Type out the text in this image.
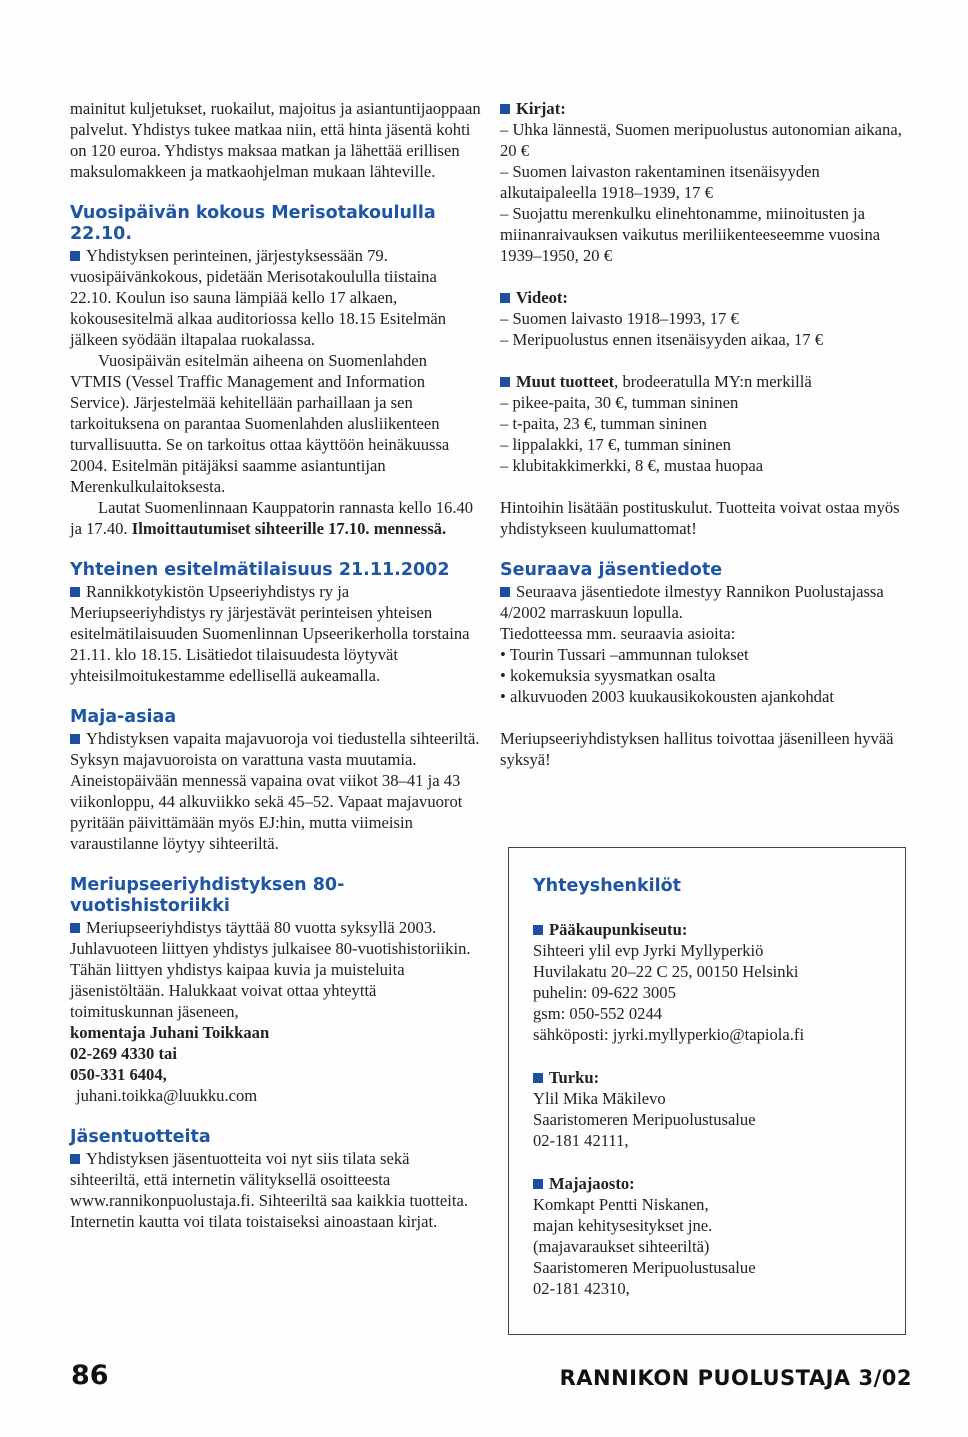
mainitut kuljetukset, ruokailut, majoitus ja asiantuntijaoppaan palvelut. Yhdistys tukee matkaa niin, että hinta jäsentä kohti on 120 euroa. Yhdistys maksaa matkan ja lähettää erillisen maksulomakkeen ja matkaohjelman mukaan lähteville.

Vuosipäivän kokous Merisotakoululla 22.10.

Yhdistyksen perinteinen, järjestyksessään 79. vuosipäivänkokous, pidetään Merisotakoululla tiistaina 22.10. Koulun iso sauna lämpiää kello 17 alkaen, kokousesitelmä alkaa auditoriossa kello 18.15 Esitelmän jälkeen syödään iltapalaa ruokalassa.

Vuosipäivän esitelmän aiheena on Suomenlahden VTMIS (Vessel Traffic Management and Information Service). Järjestelmää kehitellään parhaillaan ja sen tarkoituksena on parantaa Suomenlahden alusliikenteen turvallisuutta. Se on tarkoitus ottaa käyttöön heinäkuussa 2004. Esitelmän pitäjäksi saamme asiantuntijan Merenkulkulaitoksesta.

Lautat Suomenlinnaan Kauppatorin rannasta kello 16.40 ja 17.40. Ilmoittautumiset sihteerille 17.10. mennessä.

Yhteinen esitelmätilaisuus 21.11.2002

Rannikkotykistön Upseeriyhdistys ry ja Meriupseeriyhdistys ry järjestävät perinteisen yhteisen esitelmätilaisuuden Suomenlinnan Upseerikerholla torstaina 21.11. klo 18.15. Lisätiedot tilaisuudesta löytyvät yhteisilmoitukestamme edellisellä aukeamalla.

Maja-asiaa

Yhdistyksen vapaita majavuoroja voi tiedustella sihteeriltä. Syksyn majavuoroista on varattuna vasta muutamia. Aineistopäivään mennessä vapaina ovat viikot 38–41 ja 43 viikonloppu, 44 alkuviikko sekä 45–52. Vapaat majavuorot pyritään päivittämään myös EJ:hin, mutta viimeisin varaustilanne löytyy sihteeriltä.

Meriupseeriyhdistyksen 80-vuotishistoriikki

Meriupseeriyhdistys täyttää 80 vuotta syksyllä 2003. Juhlavuoteen liittyen yhdistys julkaisee 80-vuotishistoriikin. Tähän liittyen yhdistys kaipaa kuvia ja muisteluita jäsenistöltään. Halukkaat voivat ottaa yhteyttä toimituskunnan jäseneen,

komentaja Juhani Toikkaan

02-269 4330 tai

050-331 6404,

juhani.toikka@luukku.com

Jäsentuotteita

Yhdistyksen jäsentuotteita voi nyt siis tilata sekä sihteeriltä, että internetin välityksellä osoitteesta www.rannikonpuolustaja.fi. Sihteeriltä saa kaikkia tuotteita. Internetin kautta voi tilata toistaiseksi ainoastaan kirjat.

Kirjat:

– Uhka lännestä, Suomen meripuolustus autonomian aikana, 20 €

– Suomen laivaston rakentaminen itsenäisyyden alkutaipaleella 1918–1939, 17 €

– Suojattu merenkulku elinehtonamme, miinoitusten ja miinanraivauksen vaikutus meriliikenteeseemme vuosina 1939–1950, 20 €

Videot:

– Suomen laivasto 1918–1993, 17 €

– Meripuolustus ennen itsenäisyyden aikaa, 17 €

Muut tuotteet, brodeeratulla MY:n merkillä

– pikee-paita, 30 €, tumman sininen

– t-paita, 23 €, tumman sininen

– lippalakki, 17 €, tumman sininen

– klubitakkimerkki, 8 €, mustaa huopaa

Hintoihin lisätään postituskulut. Tuotteita voivat ostaa myös yhdistykseen kuulumattomat!

Seuraava jäsentiedote

Seuraava jäsentiedote ilmestyy Rannikon Puolustajassa 4/2002 marraskuun lopulla.

Tiedotteessa mm. seuraavia asioita:

• Tourin Tussari –ammunnan tulokset

• kokemuksia syysmatkan osalta

• alkuvuoden 2003 kuukausikokousten ajankohdat

Meriupseeriyhdistyksen hallitus toivottaa jäsenilleen hyvää syksyä!

Yhteyshenkilöt

Pääkaupunkiseutu:

Sihteeri ylil evp Jyrki Myllyperkiö

Huvilakatu 20–22 C 25, 00150 Helsinki

puhelin: 09-622 3005

gsm: 050-552 0244

sähköposti: jyrki.myllyperkio@tapiola.fi

Turku:

Ylil Mika Mäkilevo

Saaristomeren Meripuolustusalue

02-181 42111,

Majajaosto:

Komkapt Pentti Niskanen,

majan kehitysesitykset jne.

(majavaraukset sihteeriltä)

Saaristomeren Meripuolustusalue

02-181 42310,

86	RANNIKON PUOLUSTAJA 3/02
